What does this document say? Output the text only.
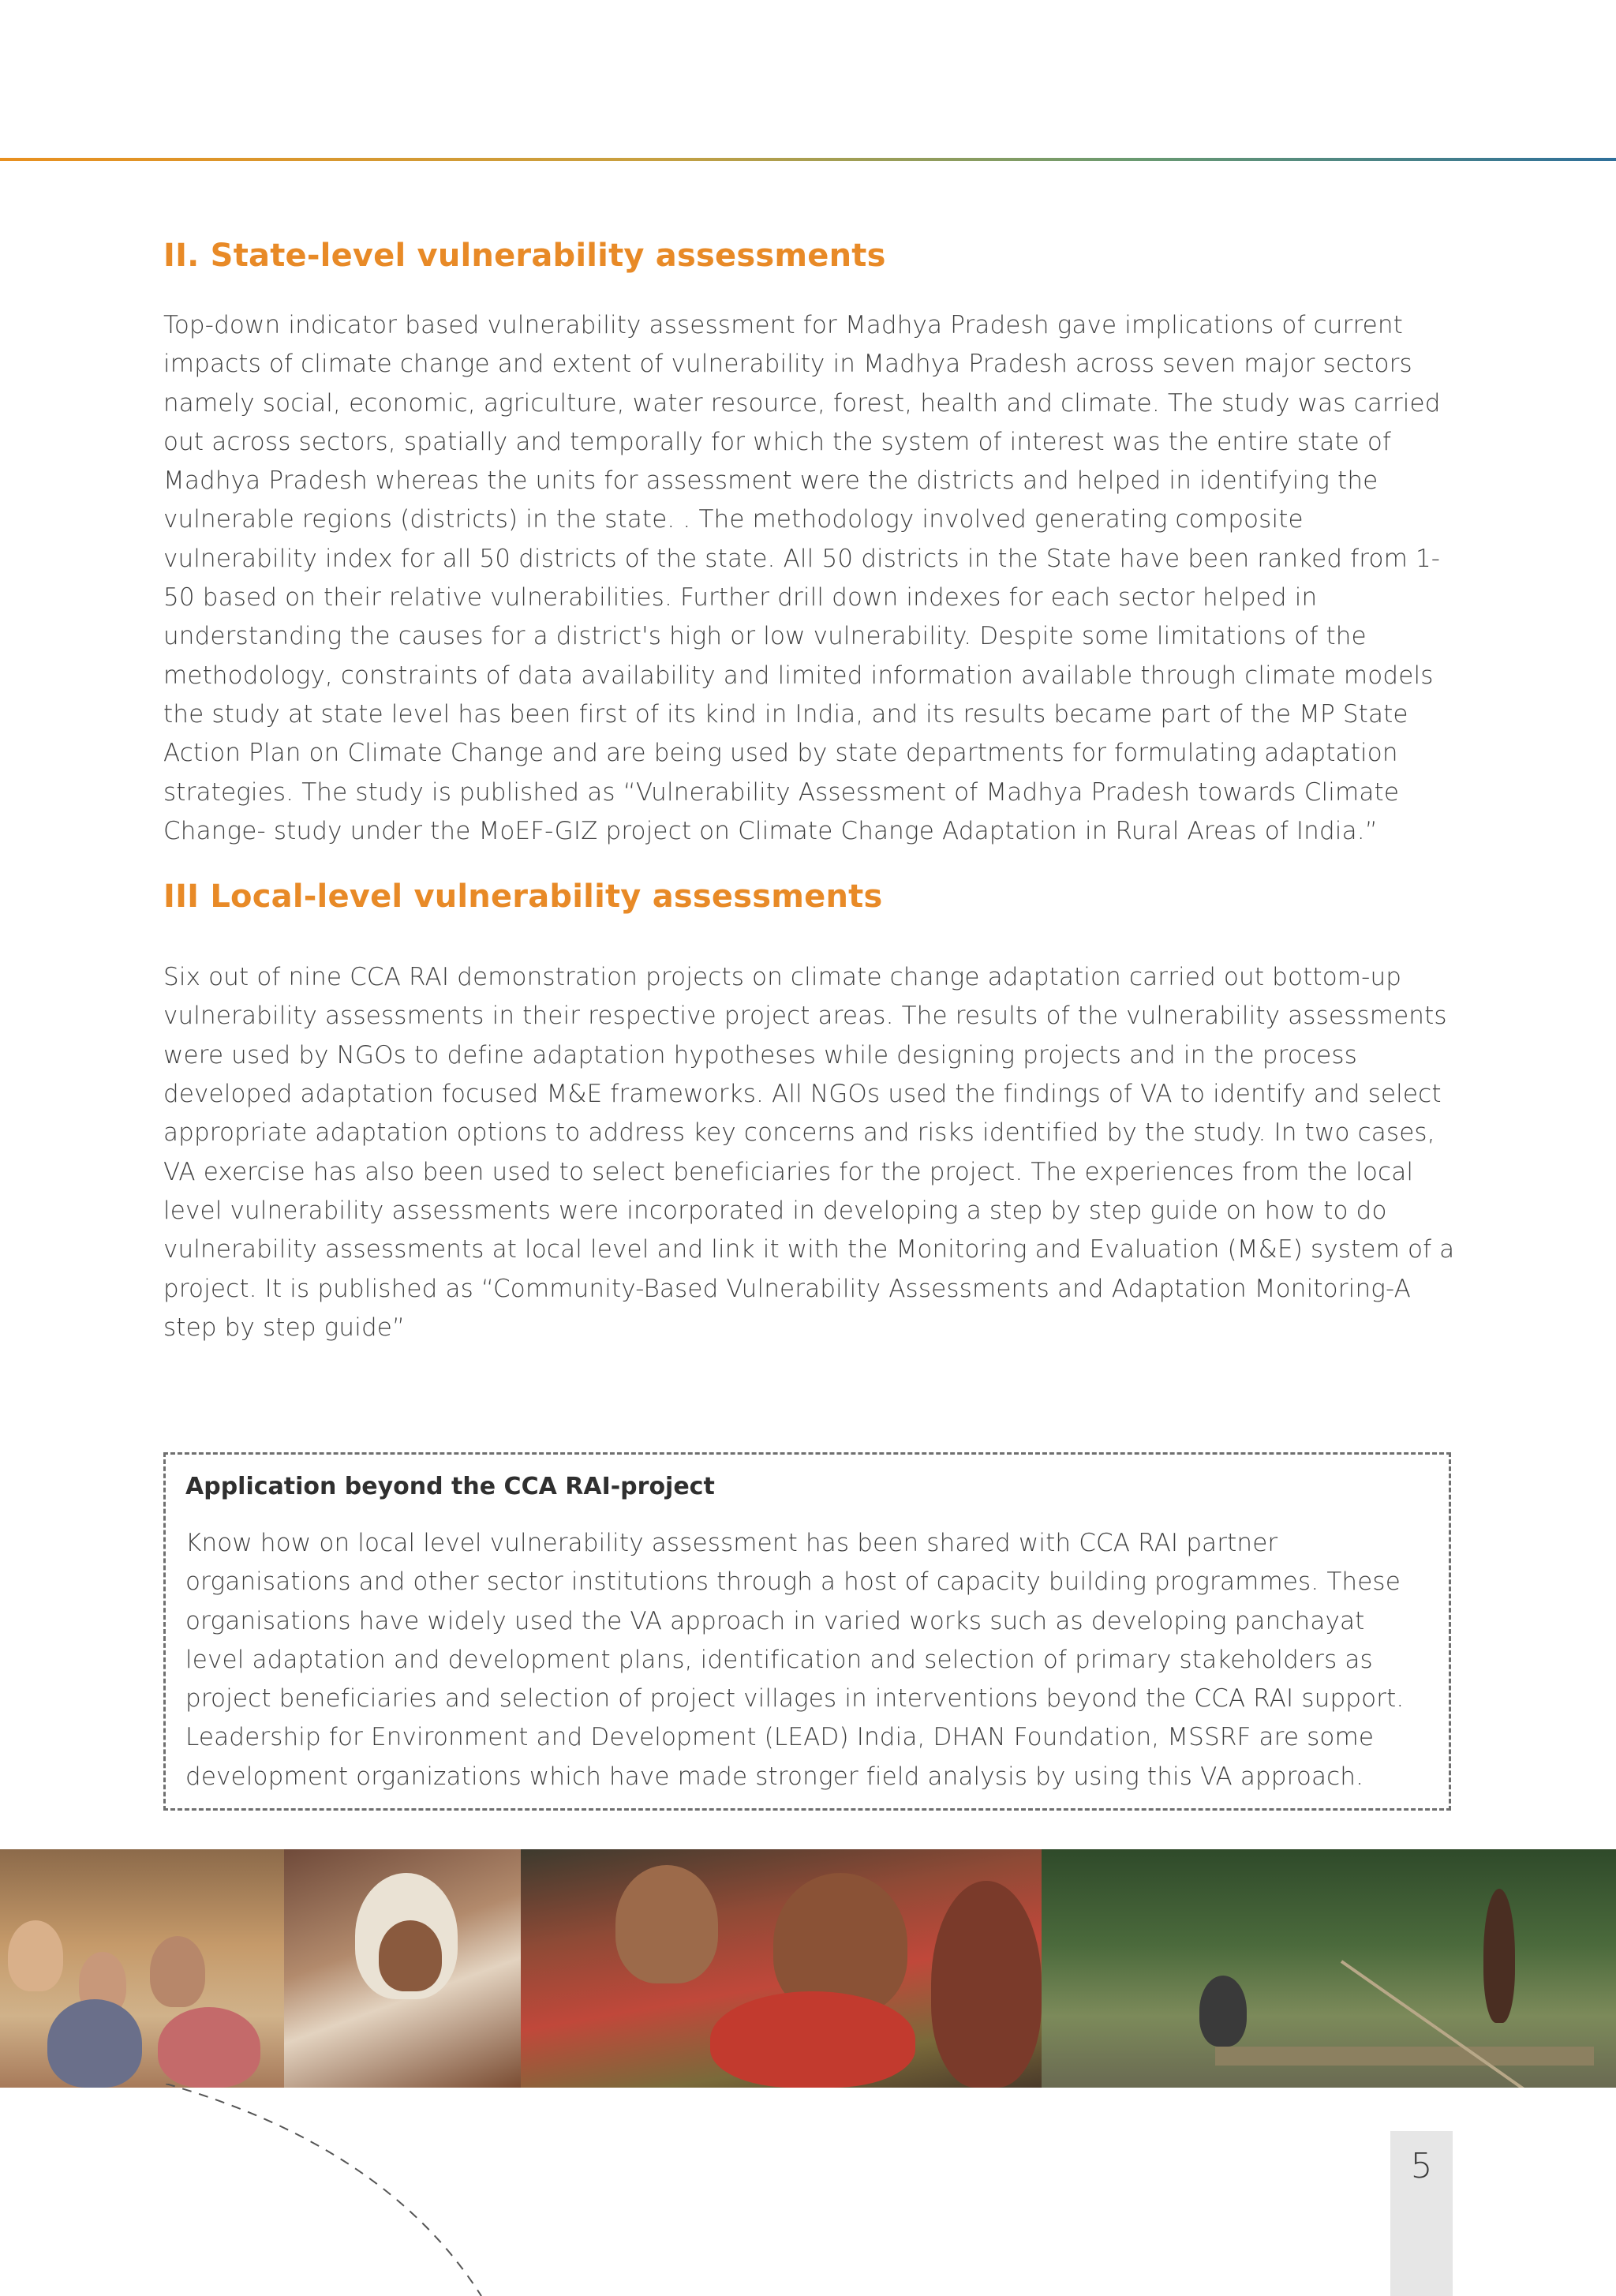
II. State-level vulnerability assessments

Top-down indicator based vulnerability assessment for Madhya Pradesh gave implications of current impacts of climate change and extent of vulnerability in Madhya Pradesh across seven major sectors namely social, economic, agriculture, water resource, forest, health and climate. The study was carried out across sectors, spatially and temporally for which the system of interest was the entire state of Madhya Pradesh whereas the units for assessment were the districts and helped in identifying the vulnerable regions (districts) in the state. . The methodology involved generating composite vulnerability index for all 50 districts of the state. All 50 districts in the State have been ranked from 1-50 based on their relative vulnerabilities. Further drill down indexes for each sector helped in understanding the causes for a district's high or low vulnerability. Despite some limitations of the methodology, constraints of data availability and limited information available through climate models the study at state level has been first of its kind in India, and its results became part of the MP State Action Plan on Climate Change and are being used by state departments for formulating adaptation strategies. The study is published as “Vulnerability Assessment of Madhya Pradesh towards Climate Change- study under the MoEF-GIZ project on Climate Change Adaptation in Rural Areas of India.”

III Local-level vulnerability assessments

Six out of nine CCA RAI demonstration projects on climate change adaptation carried out bottom-up vulnerability assessments in their respective project areas. The results of the vulnerability assessments were used by NGOs to define adaptation hypotheses while designing projects and in the process developed adaptation focused M&E frameworks. All NGOs used the findings of VA to identify and select appropriate adaptation options to address key concerns and risks identified by the study. In two cases, VA exercise has also been used to select beneficiaries for the project. The experiences from the local level vulnerability assessments were incorporated in developing a step by step guide on how to do vulnerability assessments at local level and link it with the Monitoring and Evaluation (M&E) system of a project. It is published as “Community-Based Vulnerability Assessments and Adaptation Monitoring-A step by step guide”

Application beyond the CCA RAI-project

Know how on local level vulnerability assessment has been shared with CCA RAI partner organisations and other sector institutions through a host of capacity building programmes. These organisations have widely used the VA approach in varied works such as developing panchayat level adaptation and development plans, identification and selection of primary stakeholders as project beneficiaries and selection of project villages in interventions beyond the CCA RAI support. Leadership for Environment and Development (LEAD) India, DHAN Foundation, MSSRF are some development organizations which have made stronger field analysis by using this VA approach.

5
